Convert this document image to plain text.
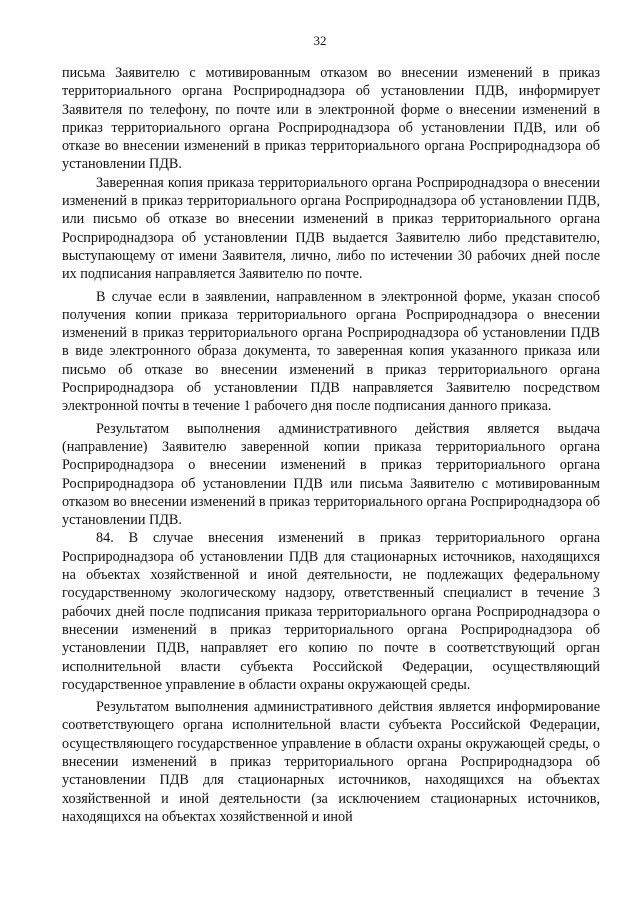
32

письма Заявителю с мотивированным отказом во внесении изменений в приказ территориального органа Росприроднадзора об установлении ПДВ, информирует Заявителя по телефону, по почте или в электронной форме о внесении изменений в приказ территориального органа Росприроднадзора об установлении ПДВ, или об отказе во внесении изменений в приказ территориального органа Росприроднадзора об установлении ПДВ.

Заверенная копия приказа территориального органа Росприроднадзора о внесении изменений в приказ территориального органа Росприроднадзора об установлении ПДВ, или письмо об отказе во внесении изменений в приказ территориального органа Росприроднадзора об установлении ПДВ выдается Заявителю либо представителю, выступающему от имени Заявителя, лично, либо по истечении 30 рабочих дней после их подписания направляется Заявителю по почте.

В случае если в заявлении, направленном в электронной форме, указан способ получения копии приказа территориального органа Росприроднадзора о внесении изменений в приказ территориального органа Росприроднадзора об установлении ПДВ в виде электронного образа документа, то заверенная копия указанного приказа или письмо об отказе во внесении изменений в приказ территориального органа Росприроднадзора об установлении ПДВ направляется Заявителю посредством электронной почты в течение 1 рабочего дня после подписания данного приказа.

Результатом выполнения административного действия является выдача (направление) Заявителю заверенной копии приказа территориального органа Росприроднадзора о внесении изменений в приказ территориального органа Росприроднадзора об установлении ПДВ или письма Заявителю с мотивированным отказом во внесении изменений в приказ территориального органа Росприроднадзора об установлении ПДВ.

84. В случае внесения изменений в приказ территориального органа Росприроднадзора об установлении ПДВ для стационарных источников, находящихся на объектах хозяйственной и иной деятельности, не подлежащих федеральному государственному экологическому надзору, ответственный специалист в течение 3 рабочих дней после подписания приказа территориального органа Росприроднадзора о внесении изменений в приказ территориального органа Росприроднадзора об установлении ПДВ, направляет его копию по почте в соответствующий орган исполнительной власти субъекта Российской Федерации, осуществляющий государственное управление в области охраны окружающей среды.

Результатом выполнения административного действия является информирование соответствующего органа исполнительной власти субъекта Российской Федерации, осуществляющего государственное управление в области охраны окружающей среды, о внесении изменений в приказ территориального органа Росприроднадзора об установлении ПДВ для стационарных источников, находящихся на объектах хозяйственной и иной деятельности (за исключением стационарных источников, находящихся на объектах хозяйственной и иной
